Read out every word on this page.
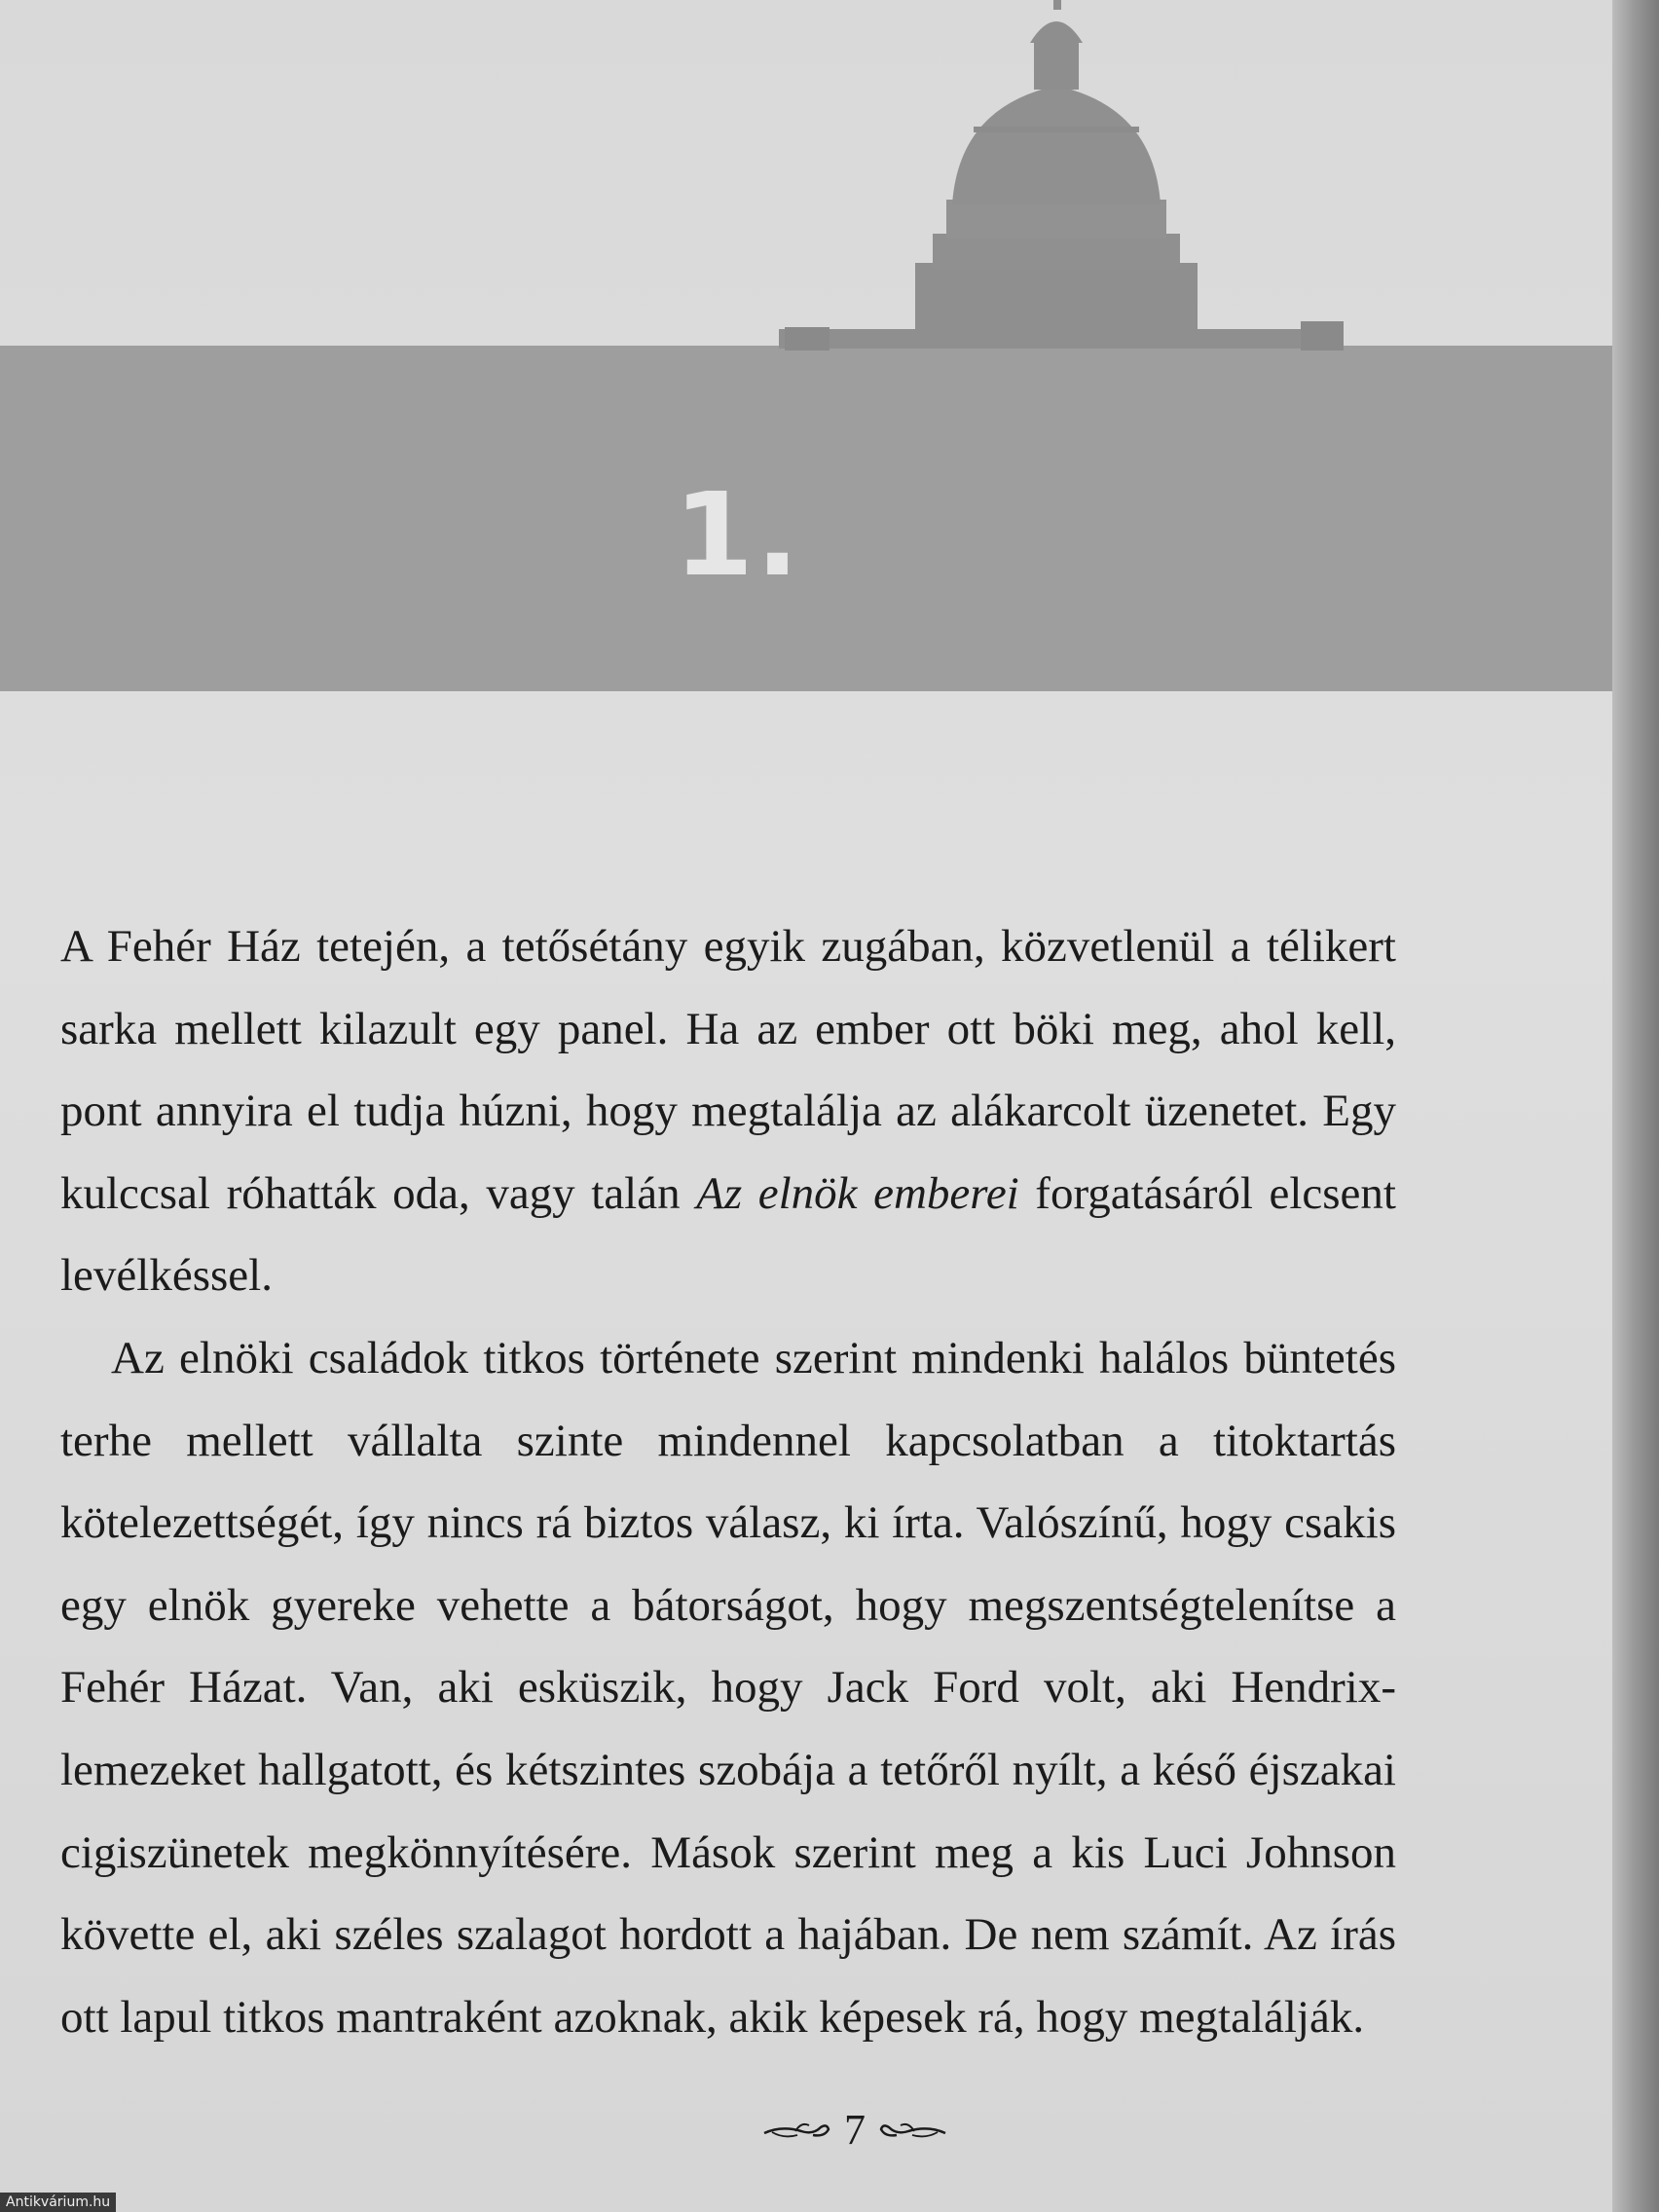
1.

A Fehér Ház tetején, a tetősétány egyik zugában, közvetlenül a télikert sarka mellett kilazult egy panel. Ha az ember ott böki meg, ahol kell, pont annyira el tudja húzni, hogy megtalálja az alákarcolt üzenetet. Egy kulccsal róhatták oda, vagy talán Az elnök emberei forgatásáról elcsent levélkéssel.

Az elnöki családok titkos története szerint mindenki halálos büntetés terhe mellett vállalta szinte mindennel kapcsolatban a titoktartás kötelezettségét, így nincs rá biztos válasz, ki írta. Valószínű, hogy csakis egy elnök gyereke vehette a bátorságot, hogy megszentségtelenítse a Fehér Házat. Van, aki esküszik, hogy Jack Ford volt, aki Hendrix-lemezeket hallgatott, és kétszintes szobája a tetőről nyílt, a késő éjszakai cigiszünetek megkönnyítésére. Mások szerint meg a kis Luci Johnson követte el, aki széles szalagot hordott a hajában. De nem számít. Az írás ott lapul titkos mantraként azoknak, akik képesek rá, hogy megtalálják.

7
Antikvárium.hu
